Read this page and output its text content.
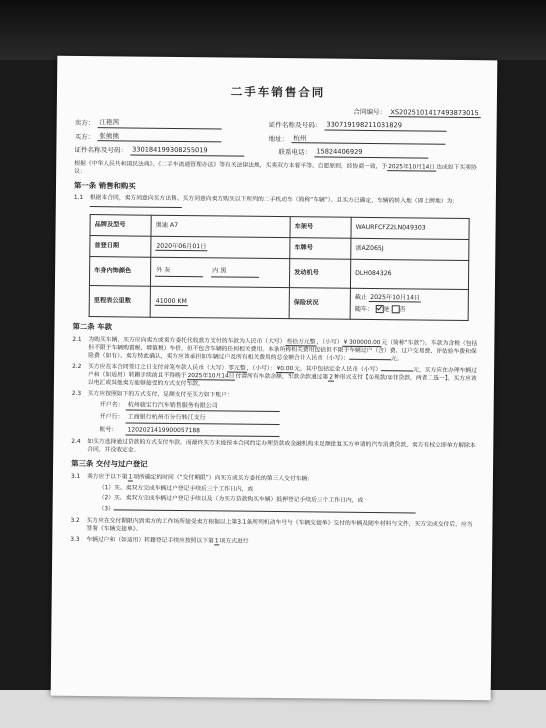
二手车销售合同
合同编号： XS2025101417493873015
卖方： 江艳茜	证件名称及号码： 330719198211031829
买方： 张熊熊	地址： 杭州
证件名称及号码： 330184199308255019	联系电话： 15824406929
根据《中华人民共和国民法典》、《二手车流通管理办法》等有关法律法规，买卖双方本着平等、自愿原则，经协商一致，于2025年10月14日达成如下买卖协议：
第一条 销售和购买
1.1	根据本合同，卖方同意向买方出售、买方同意向卖方购买以下所列的二手机动车（简称“车辆”）。且买方已确定，车辆的转入地（即上牌地）为：
品牌及型号	奥迪 A7	车架号	WAURFCFZ2LN049303
首登日期	2020年06月01日	车牌号	浙AZ065J
车身内饰颜色	外 灰 内 黑	发动机号	DLH084326
里程表公里数	41000 KM	保险状况	截止 2025年10月14日
随车： 是 否
第二条 车款
2.1	为购买车辆，买方应向卖方或卖方委托代收款方支付的车款为人民币（大写）叁拾万元整，（小写）¥ 300000.00元（简称“车款”）。车款为含税（包括但不限于车辆购置税、增值税）车价，但不包含车辆的任何相关费用。本条所称相关费用包括但不限于车辆过户（含）费、过户交易费、评估验车费和保险费（如有）、卖方特此确认，卖方应该承担如车辆过户及所有相关费用的总金额合计人民币（小写）：	元。
2.2	买方应在本合同签订之日支付首笔车款人民币（大写）零元整，（小写）：¥0.00元，其中包括定金人民币（小写）	元，买方应在办理车辆过户和（如适用）转籍手续前且不得晚于2025年10月14日付清所有车款余额，车款余款通过第2种形式支付【①现款/②非贷款，两者二选一】。买方应该以电汇或其他卖方能够接受的方式支付车款。
2.3	买方应按照如下的方式支付，足额支付至买方如下账户：
开户名： 杭州骏宝行汽车销售服务有限公司
开户行： 工商银行杭州市分行转江支行
账号：	1202021419900057188
2.4	如买方选择通过贷款的方式支付车款，而最终买方未能按本合同约定办理贷款或金融机构未足额批复买方申请的汽车消费贷款，卖方有权立即单方解除本合同，并没收定金。
第三条 交付与过户登记
3.1	卖方应于以下第1项所确定的时间（“交付期限”）向买方或买方委托的第三人交付车辆：
（1）买、卖双方完成车辆过户登记手续后三个工作日内，或
（2）买、卖双方完成车辆过户登记手续以及（为买方贷款购买车辆）抵押登记手续后三个工作日内，或
（3）
3.2	买方应在交付期限内到卖方的工作场所接受卖方根据以上第3.1条所列机动车号与《车辆交接单》交付的车辆及随车材料与文件，买方完成交付后，应当签署《车辆交接单》。
3.3	车辆过户和（如适用）转籍登记手续应按照以下第1项方式进行
